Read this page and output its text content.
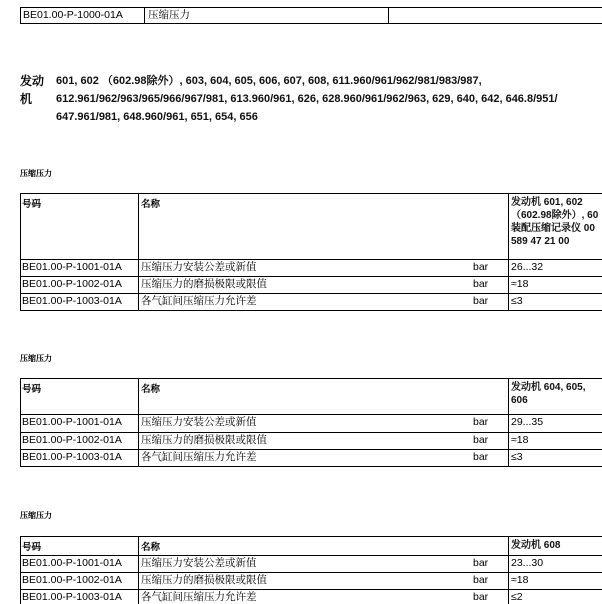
BE01.00-P-1000-01A	压缩压力
发动
机
601, 602 （602.98除外）, 603, 604, 605, 606, 607, 608, 611.960/961/962/981/983/987,
612.961/962/963/965/966/967/981, 613.960/961, 626, 628.960/961/962/963, 629, 640, 642, 646.8/951/
647.961/981, 648.960/961, 651, 654, 656
压缩压力
号码	名称	发动机 601, 602
（602.98除外）, 60
装配压缩记录仪 00
589 47 21 00
BE01.00-P-1001-01A	压缩压力安装公差或新值	bar	26...32
BE01.00-P-1002-01A	压缩压力的磨损极限或限值	bar	≈18
BE01.00-P-1003-01A	各气缸间压缩压力允许差	bar	≤3
压缩压力
号码	名称	发动机 604, 605,
606
BE01.00-P-1001-01A	压缩压力安装公差或新值	bar	29...35
BE01.00-P-1002-01A	压缩压力的磨损极限或限值	bar	≈18
BE01.00-P-1003-01A	各气缸间压缩压力允许差	bar	≤3
压缩压力
号码	名称	发动机 608
BE01.00-P-1001-01A	压缩压力安装公差或新值	bar	23...30
BE01.00-P-1002-01A	压缩压力的磨损极限或限值	bar	≈18
BE01.00-P-1003-01A	各气缸间压缩压力允许差	bar	≤2
